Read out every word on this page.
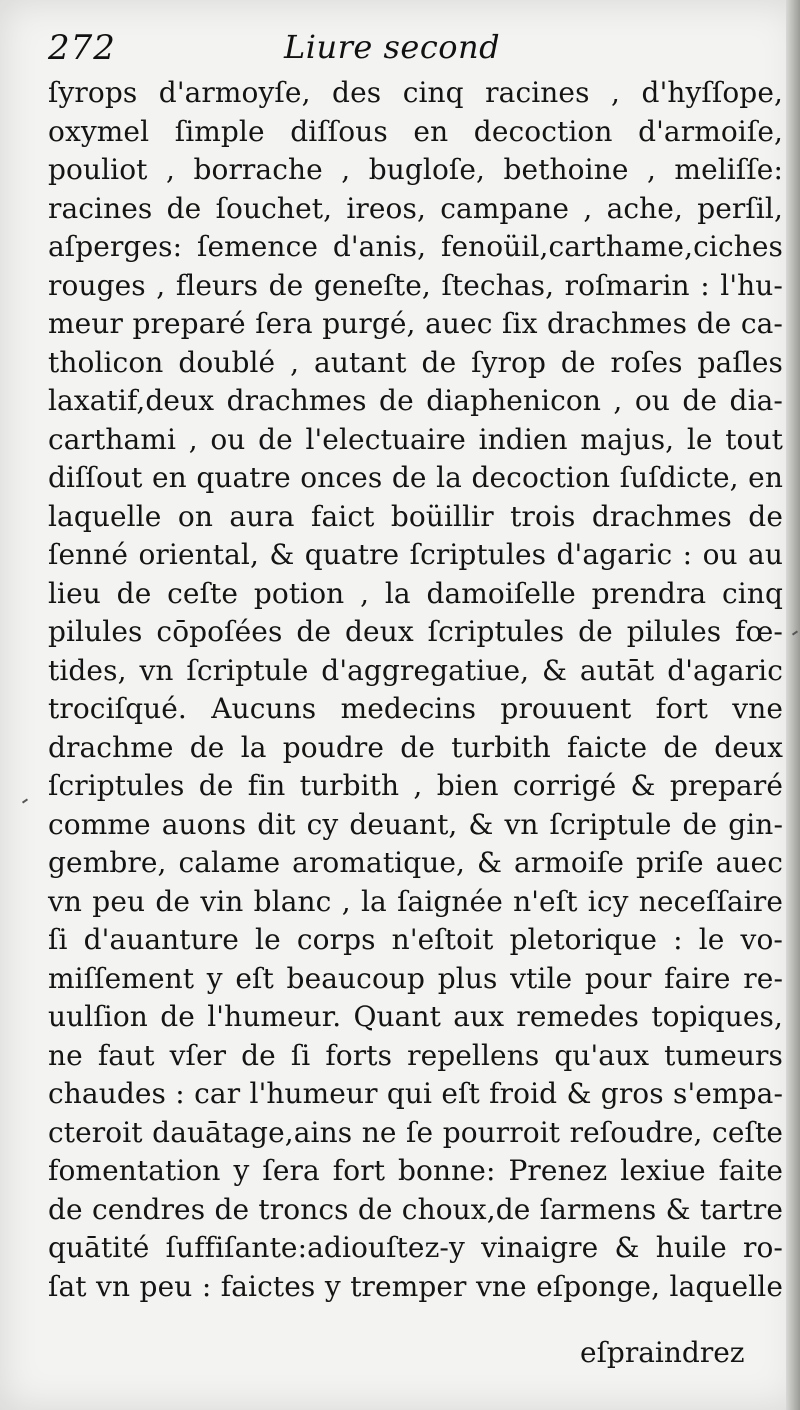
272	Liure second
ſyrops d'armoyſe, des cinq racines , d'hyſſope,
oxymel ſimple diſſous en decoction d'armoiſe,
pouliot , borrache , bugloſe, bethoine , meliſſe:
racines de ſouchet, ireos, campane , ache, perſil,
aſperges: ſemence d'anis, fenoüil,carthame,ciches
rouges , fleurs de geneſte, ſtechas, roſmarin : l'hu-
meur preparé ſera purgé, auec ſix drachmes de ca-
tholicon doublé , autant de ſyrop de roſes paſles
laxatif,deux drachmes de diaphenicon , ou de dia-
carthami , ou de l'electuaire indien majus, le tout
diſſout en quatre onces de la decoction ſuſdicte, en
laquelle on aura faict boüillir trois drachmes de
ſenné oriental, & quatre ſcriptules d'agaric : ou au
lieu de ceſte potion , la damoiſelle prendra cinq
pilules cōpoſées de deux ſcriptules de pilules fœ-
tides, vn ſcriptule d'aggregatiue, & autāt d'agaric
trociſqué. Aucuns medecins prouuent fort vne
drachme de la poudre de turbith faicte de deux
ſcriptules de fin turbith , bien corrigé & preparé
comme auons dit cy deuant, & vn ſcriptule de gin-
gembre, calame aromatique, & armoiſe priſe auec
vn peu de vin blanc , la ſaignée n'eſt icy neceſſaire
ſi d'auanture le corps n'eſtoit pletorique : le vo-
miſſement y eſt beaucoup plus vtile pour faire re-
uulſion de l'humeur. Quant aux remedes topiques,
ne faut vſer de ſi forts repellens qu'aux tumeurs
chaudes : car l'humeur qui eſt froid & gros s'empa-
cteroit dauātage,ains ne ſe pourroit reſoudre, ceſte
fomentation y ſera fort bonne: Prenez lexiue faite
de cendres de troncs de choux,de ſarmens & tartre
quātité ſuffiſante:adiouſtez-y vinaigre & huile ro-
ſat vn peu : faictes y tremper vne eſponge, laquelle
eſpraindrez
